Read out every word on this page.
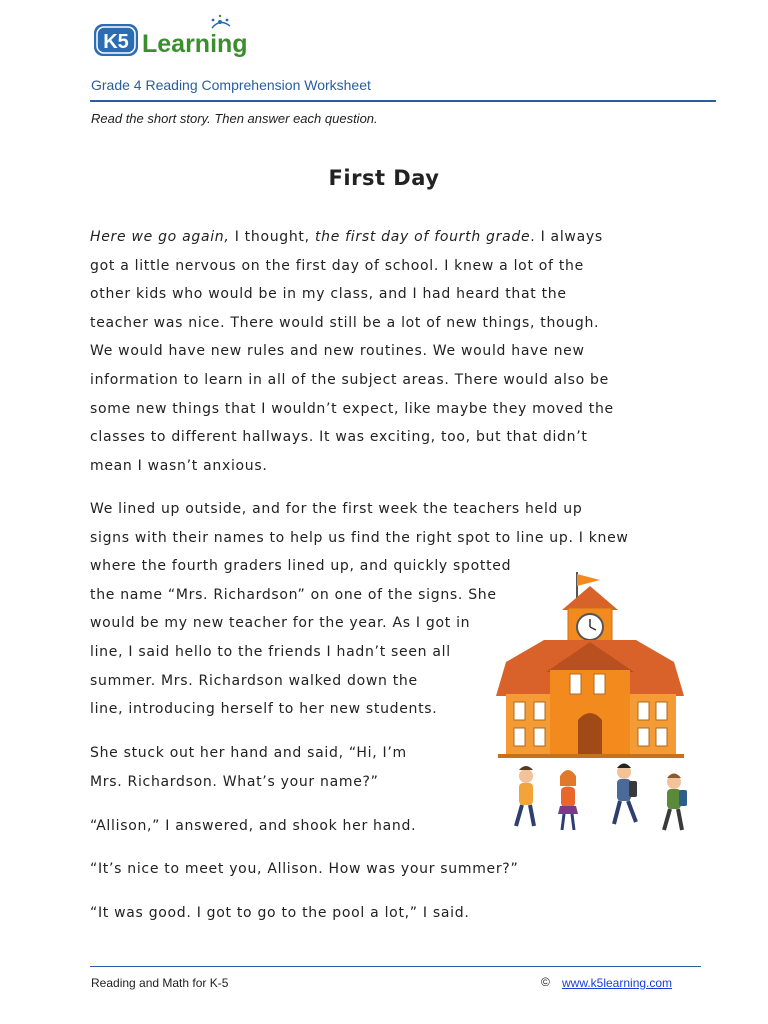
K5 Learning
Grade 4 Reading Comprehension Worksheet
Read the short story. Then answer each question.
First Day
Here we go again, I thought, the first day of fourth grade. I always
got a little nervous on the first day of school. I knew a lot of the
other kids who would be in my class, and I had heard that the
teacher was nice. There would still be a lot of new things, though.
We would have new rules and new routines. We would have new
information to learn in all of the subject areas. There would also be
some new things that I wouldn’t expect, like maybe they moved the
classes to different hallways. It was exciting, too, but that didn’t
mean I wasn’t anxious.
We lined up outside, and for the first week the teachers held up
signs with their names to help us find the right spot to line up. I knew
where the fourth graders lined up, and quickly spotted
the name “Mrs. Richardson” on one of the signs. She
would be my new teacher for the year. As I got in
line, I said hello to the friends I hadn’t seen all
summer. Mrs. Richardson walked down the
line, introducing herself to her new students.
She stuck out her hand and said, “Hi, I’m
Mrs. Richardson. What’s your name?”
“Allison,” I answered, and shook her hand.
“It’s nice to meet you, Allison. How was your summer?”
“It was good. I got to go to the pool a lot,” I said.
Reading and Math for K-5	© www.k5learning.com
